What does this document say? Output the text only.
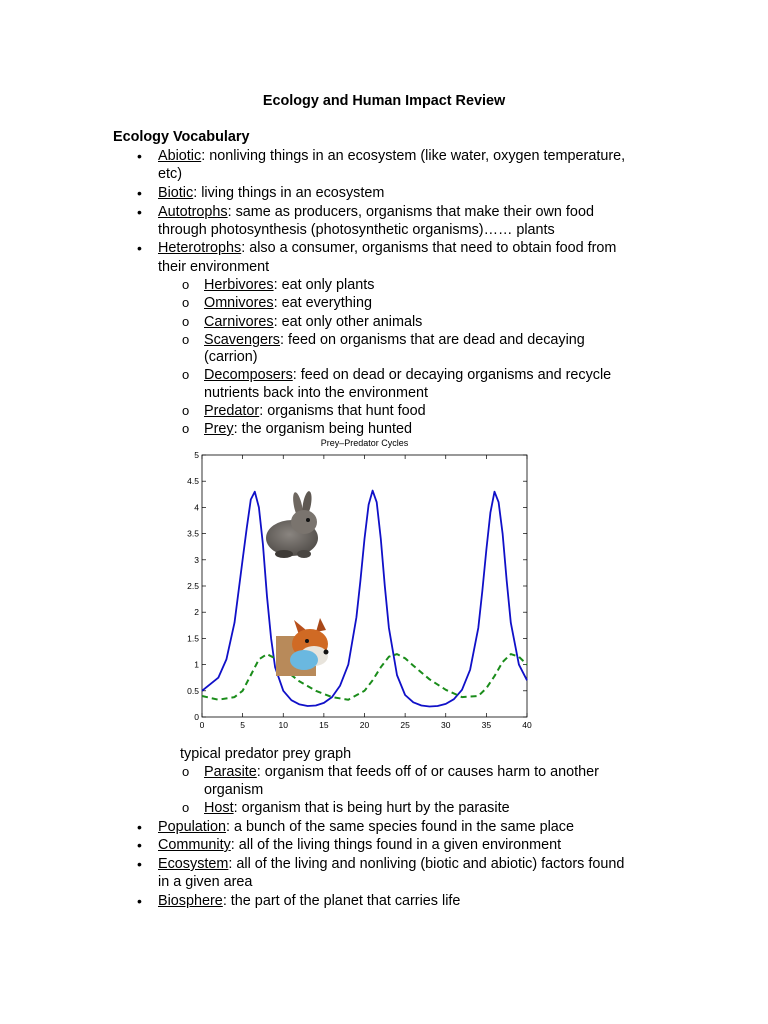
Ecology and Human Impact Review
Ecology Vocabulary
• Abiotic: nonliving things in an ecosystem (like water, oxygen temperature,
etc)
• Biotic: living things in an ecosystem
• Autotrophs: same as producers, organisms that make their own food
through photosynthesis (photosynthetic organisms)…… plants
• Heterotrophs: also a consumer, organisms that need to obtain food from
their environment
o Herbivores: eat only plants
o Omnivores: eat everything
o Carnivores: eat only other animals
o Scavengers: feed on organisms that are dead and decaying
(carrion)
o Decomposers: feed on dead or decaying organisms and recycle
nutrients back into the environment
o Predator: organisms that hunt food
o Prey: the organism being hunted
0	5	10	15	20	25	30	35	40
0
0.5
1
1.5
2
2.5
3
3.5
4
4.5
5
Prey–Predator Cycles
typical predator prey graph
o Parasite: organism that feeds off of or causes harm to another
organism
o Host: organism that is being hurt by the parasite
• Population: a bunch of the same species found in the same place
• Community: all of the living things found in a given environment
• Ecosystem: all of the living and nonliving (biotic and abiotic) factors found
in a given area
• Biosphere: the part of the planet that carries life
